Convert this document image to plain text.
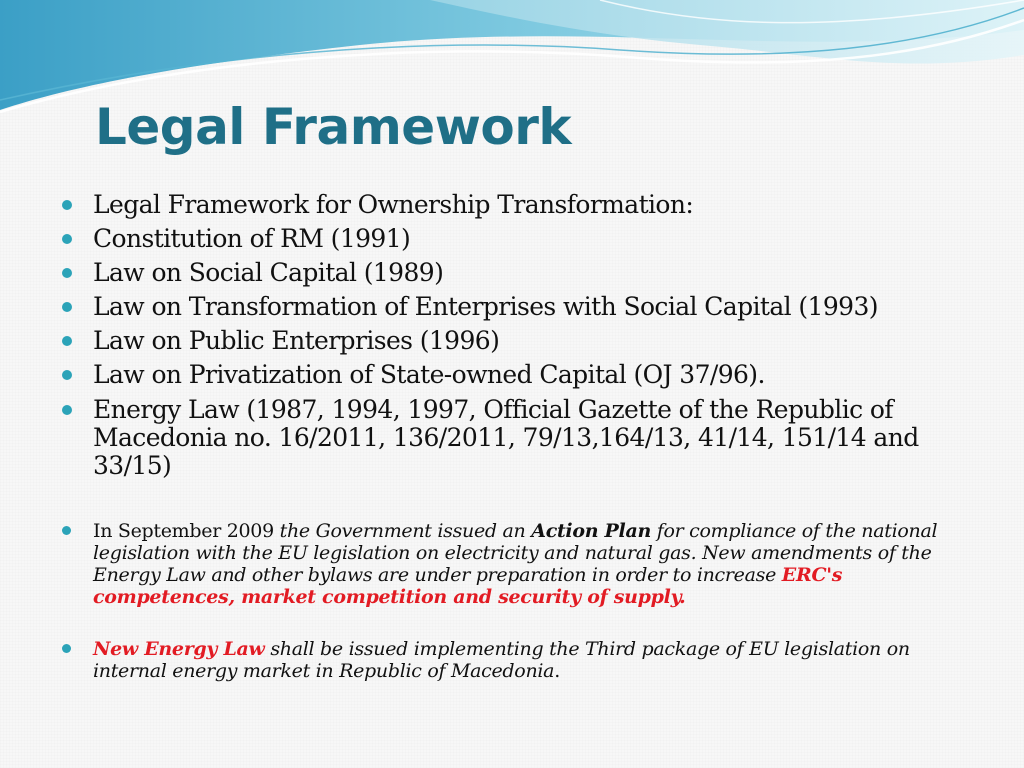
Legal Framework
Legal Framework for Ownership Transformation:
Constitution of RM (1991)
Law on Social Capital (1989)
Law on Transformation of Enterprises with Social Capital (1993)
Law on Public Enterprises (1996)
Law on Privatization of State-owned Capital (OJ 37/96).
Energy Law (1987, 1994, 1997, Official Gazette of the Republic of Macedonia no. 16/2011, 136/2011, 79/13,164/13, 41/14, 151/14 and 33/15)
In September 2009 the Government issued an Action Plan for compliance of the national legislation with the EU legislation on electricity and natural gas. New amendments of the Energy Law and other bylaws are under preparation in order to increase ERC's competences, market competition and security of supply.
New Energy Law shall be issued implementing the Third package of EU legislation on internal energy market in Republic of Macedonia.
